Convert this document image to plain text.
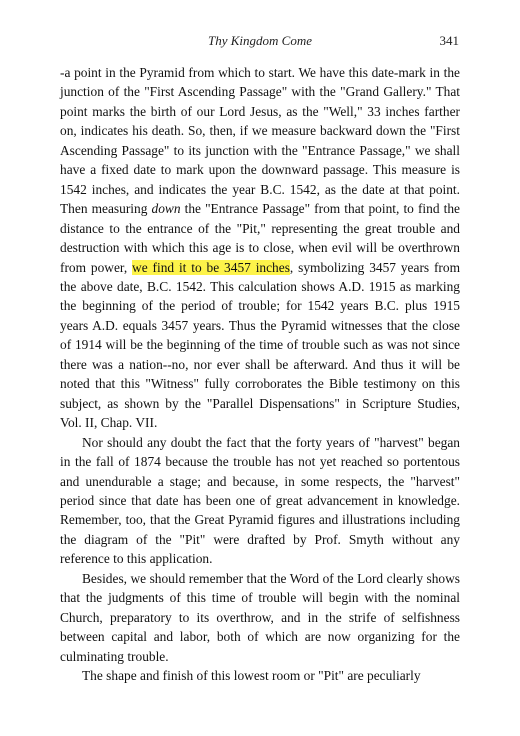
Thy Kingdom Come	341

-a point in the Pyramid from which to start. We have this date-mark in the junction of the "First Ascending Passage" with the "Grand Gallery." That point marks the birth of our Lord Jesus, as the "Well," 33 inches farther on, indicates his death. So, then, if we measure backward down the "First Ascending Passage" to its junction with the "Entrance Passage," we shall have a fixed date to mark upon the downward passage. This measure is 1542 inches, and indicates the year B.C. 1542, as the date at that point. Then measuring down the "Entrance Passage" from that point, to find the distance to the entrance of the "Pit," representing the great trouble and destruction with which this age is to close, when evil will be overthrown from power, we find it to be 3457 inches, symbolizing 3457 years from the above date, B.C. 1542. This calculation shows A.D. 1915 as marking the beginning of the period of trouble; for 1542 years B.C. plus 1915 years A.D. equals 3457 years. Thus the Pyramid witnesses that the close of 1914 will be the beginning of the time of trouble such as was not since there was a nation--no, nor ever shall be afterward. And thus it will be noted that this "Witness" fully corroborates the Bible testimony on this subject, as shown by the "Parallel Dispensations" in Scripture Studies, Vol. II, Chap. VII.

Nor should any doubt the fact that the forty years of "harvest" began in the fall of 1874 because the trouble has not yet reached so portentous and unendurable a stage; and because, in some respects, the "harvest" period since that date has been one of great advancement in knowledge. Remember, too, that the Great Pyramid figures and illustrations including the diagram of the "Pit" were drafted by Prof. Smyth without any reference to this application.

Besides, we should remember that the Word of the Lord clearly shows that the judgments of this time of trouble will begin with the nominal Church, preparatory to its overthrow, and in the strife of selfishness between capital and labor, both of which are now organizing for the culminating trouble.

The shape and finish of this lowest room or "Pit" are peculiarly
